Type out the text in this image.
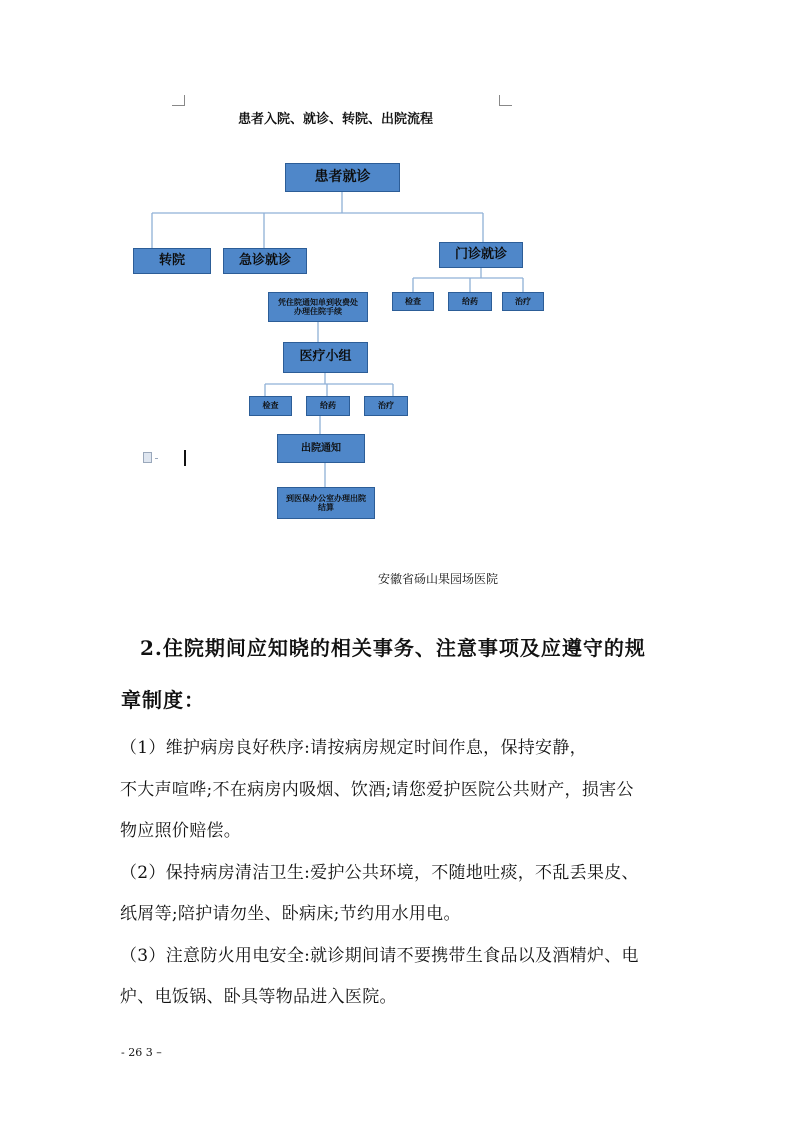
患者入院、就诊、转院、出院流程
患者就诊
转院	急诊就诊	门诊就诊
检查	给药	治疗
凭住院通知单到收费处办理住院手续
医疗小组
检查	给药	治疗
出院通知
到医保办公室办理出院结算
安徽省砀山果园场医院
2.住院期间应知晓的相关事务、注意事项及应遵守的规
章制度：
（1）维护病房良好秩序:请按病房规定时间作息，保持安静，
不大声喧哗;不在病房内吸烟、饮酒;请您爱护医院公共财产，损害公
物应照价赔偿。
（2）保持病房清洁卫生:爱护公共环境，不随地吐痰，不乱丢果皮、
纸屑等;陪护请勿坐、卧病床;节约用水用电。
（3）注意防火用电安全:就诊期间请不要携带生食品以及酒精炉、电
炉、电饭锅、卧具等物品进入医院。
- 26 3 –
